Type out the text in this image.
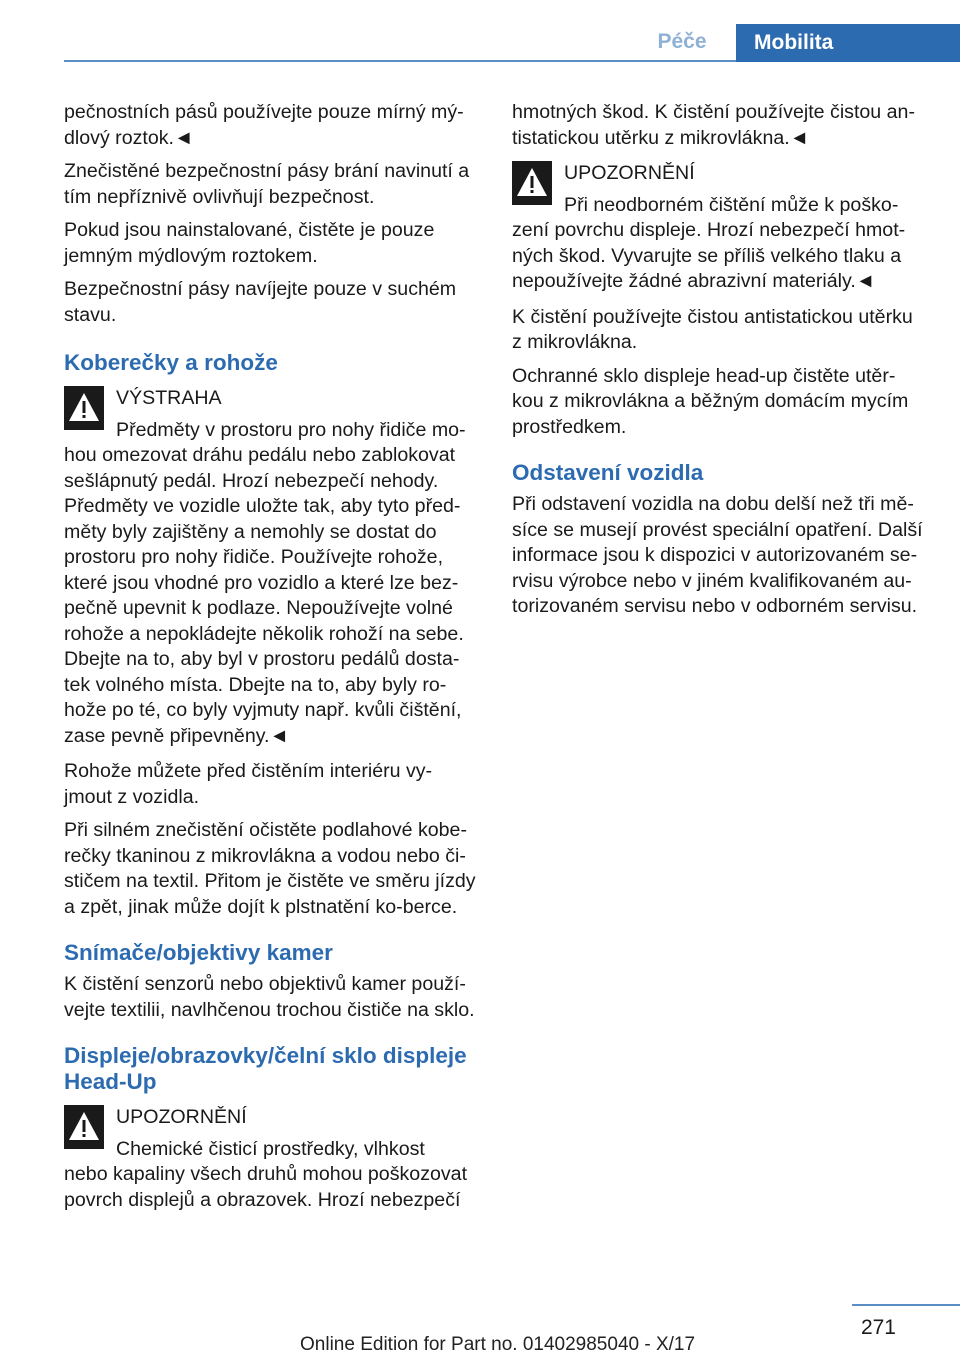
Péče	Mobilita

pečnostních pásů používejte pouze mírný mý-dlový roztok.◄

Znečistěné bezpečnostní pásy brání navinutí a tím nepříznivě ovlivňují bezpečnost.

Pokud jsou nainstalované, čistěte je pouze jemným mýdlovým roztokem.

Bezpečnostní pásy navíjejte pouze v suchém stavu.

Koberečky a rohože
VÝSTRAHA
Předměty v prostoru pro nohy řidiče mo-
hou omezovat dráhu pedálu nebo zablokovat sešlápnutý pedál. Hrozí nebezpečí nehody. Předměty ve vozidle uložte tak, aby tyto před-měty byly zajištěny a nemohly se dostat do prostoru pro nohy řidiče. Používejte rohože, které jsou vhodné pro vozidlo a které lze bez-pečně upevnit k podlaze. Nepoužívejte volné rohože a nepokládejte několik rohoží na sebe. Dbejte na to, aby byl v prostoru pedálů dosta-tek volného místa. Dbejte na to, aby byly ro-hože po té, co byly vyjmuty např. kvůli čištění, zase pevně připevněny.◄

Rohože můžete před čistěním interiéru vy-jmout z vozidla.

Při silném znečistění očistěte podlahové kobe-rečky tkaninou z mikrovlákna a vodou nebo či-stičem na textil. Přitom je čistěte ve směru jízdy a zpět, jinak může dojít k plstnatění ko-berce.

Snímače/objektivy kamer

K čistění senzorů nebo objektivů kamer použí-vejte textilii, navlhčenou trochou čističe na sklo.

Displeje/obrazovky/čelní sklo displeje Head-Up
UPOZORNĚNÍ
Chemické čisticí prostředky, vlhkost
nebo kapaliny všech druhů mohou poškozovat povrch displejů a obrazovek. Hrozí nebezpečí

hmotných škod. K čistění používejte čistou an-tistatickou utěrku z mikrovlákna.◄

UPOZORNĚNÍ
Při neodborném čištění může k poško-
zení povrchu displeje. Hrozí nebezpečí hmot-ných škod. Vyvarujte se příliš velkého tlaku a nepoužívejte žádné abrazivní materiály.◄

K čistění používejte čistou antistatickou utěrku z mikrovlákna.

Ochranné sklo displeje head-up čistěte utěr-kou z mikrovlákna a běžným domácím mycím prostředkem.

Odstavení vozidla

Při odstavení vozidla na dobu delší než tři mě-síce se musejí provést speciální opatření. Další informace jsou k dispozici v autorizovaném se-rvisu výrobce nebo v jiném kvalifikovaném au-torizovaném servisu nebo v odborném servisu.

271
Online Edition for Part no. 01402985040 - X/17
